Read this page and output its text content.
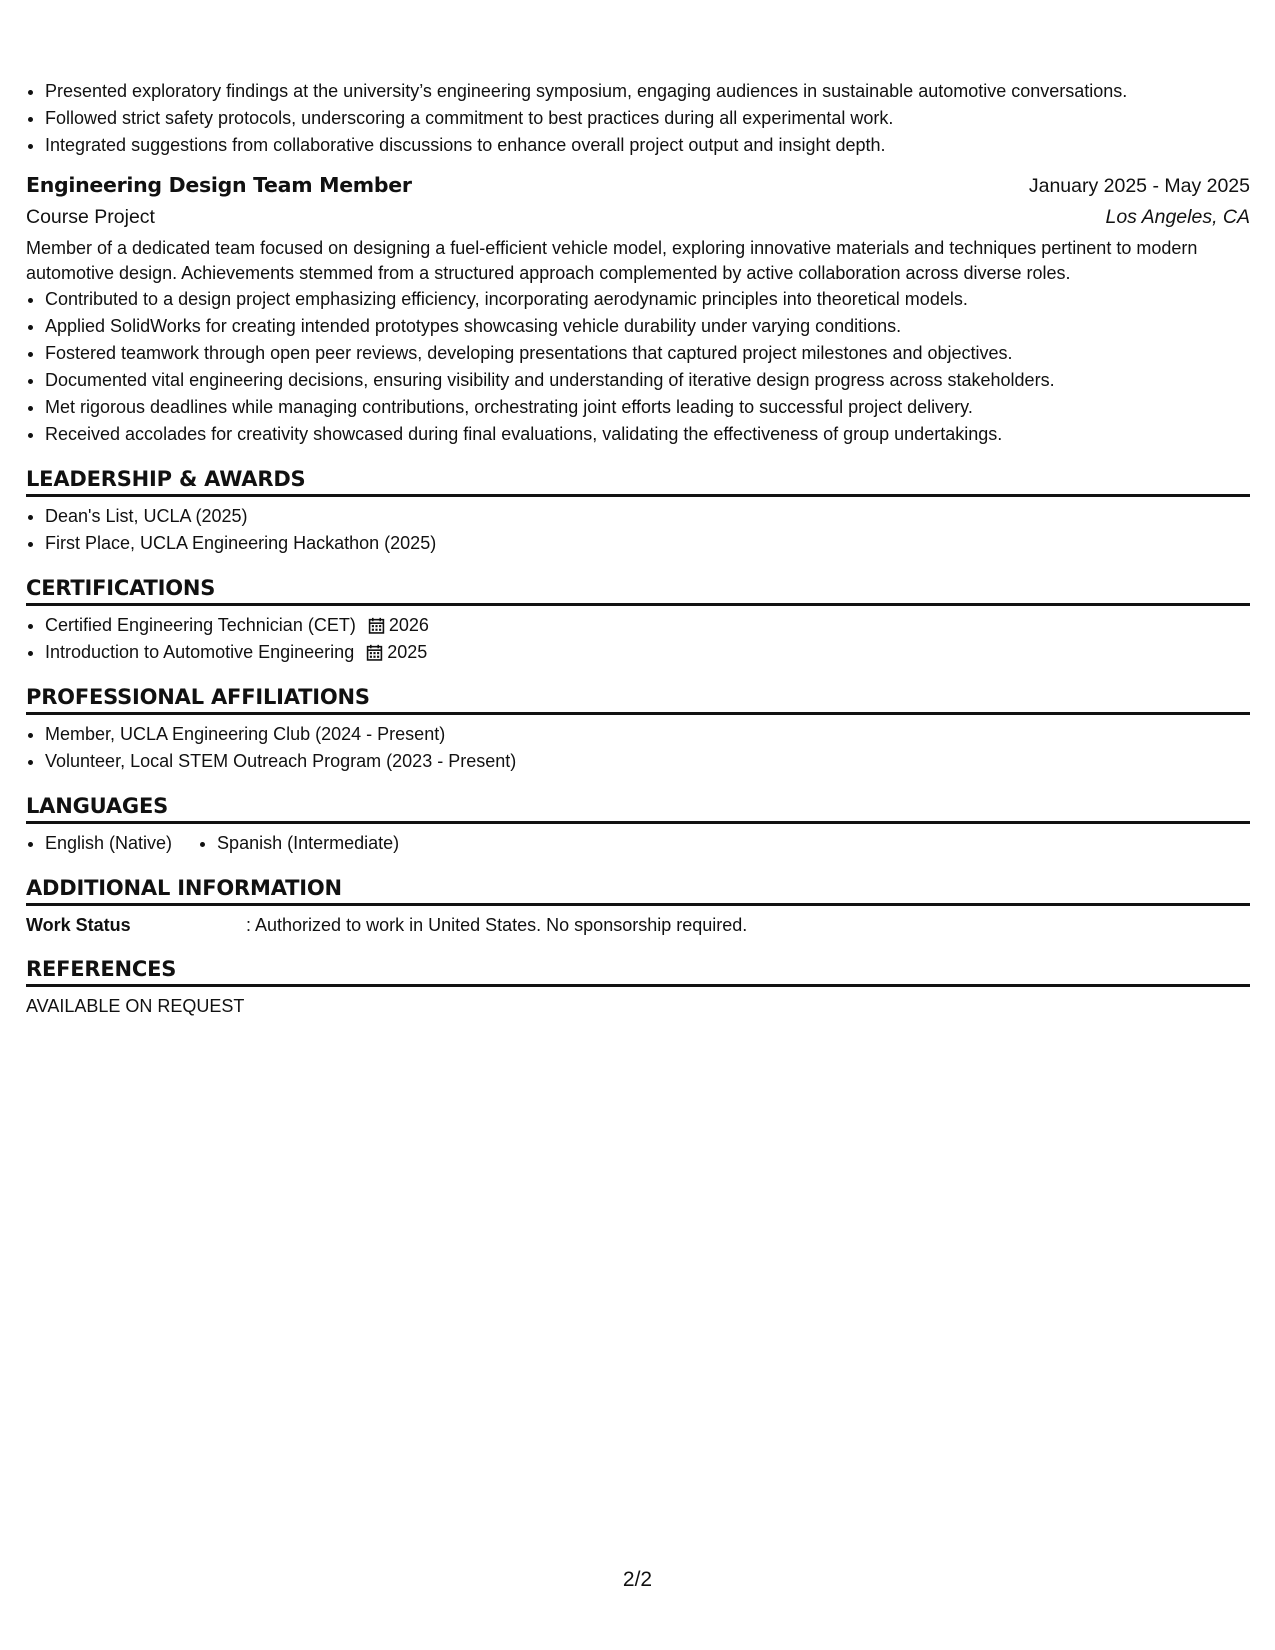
• Presented exploratory findings at the university’s engineering symposium, engaging audiences in sustainable automotive conversations.
• Followed strict safety protocols, underscoring a commitment to best practices during all experimental work.
• Integrated suggestions from collaborative discussions to enhance overall project output and insight depth.
Engineering Design Team Member	January 2025 - May 2025
Course Project	Los Angeles, CA
Member of a dedicated team focused on designing a fuel-efficient vehicle model, exploring innovative materials and techniques pertinent to modern automotive design. Achievements stemmed from a structured approach complemented by active collaboration across diverse roles.
• Contributed to a design project emphasizing efficiency, incorporating aerodynamic principles into theoretical models.
• Applied SolidWorks for creating intended prototypes showcasing vehicle durability under varying conditions.
• Fostered teamwork through open peer reviews, developing presentations that captured project milestones and objectives.
• Documented vital engineering decisions, ensuring visibility and understanding of iterative design progress across stakeholders.
• Met rigorous deadlines while managing contributions, orchestrating joint efforts leading to successful project delivery.
• Received accolades for creativity showcased during final evaluations, validating the effectiveness of group undertakings.
LEADERSHIP & AWARDS
• Dean's List, UCLA (2025)
• First Place, UCLA Engineering Hackathon (2025)
CERTIFICATIONS
• Certified Engineering Technician (CET) 2026
• Introduction to Automotive Engineering 2025
PROFESSIONAL AFFILIATIONS
• Member, UCLA Engineering Club (2024 - Present)
• Volunteer, Local STEM Outreach Program (2023 - Present)
LANGUAGES
• English (Native)
•	Spanish (Intermediate)
ADDITIONAL INFORMATION
Work Status	: Authorized to work in United States. No sponsorship required.
REFERENCES
AVAILABLE ON REQUEST
2/2
